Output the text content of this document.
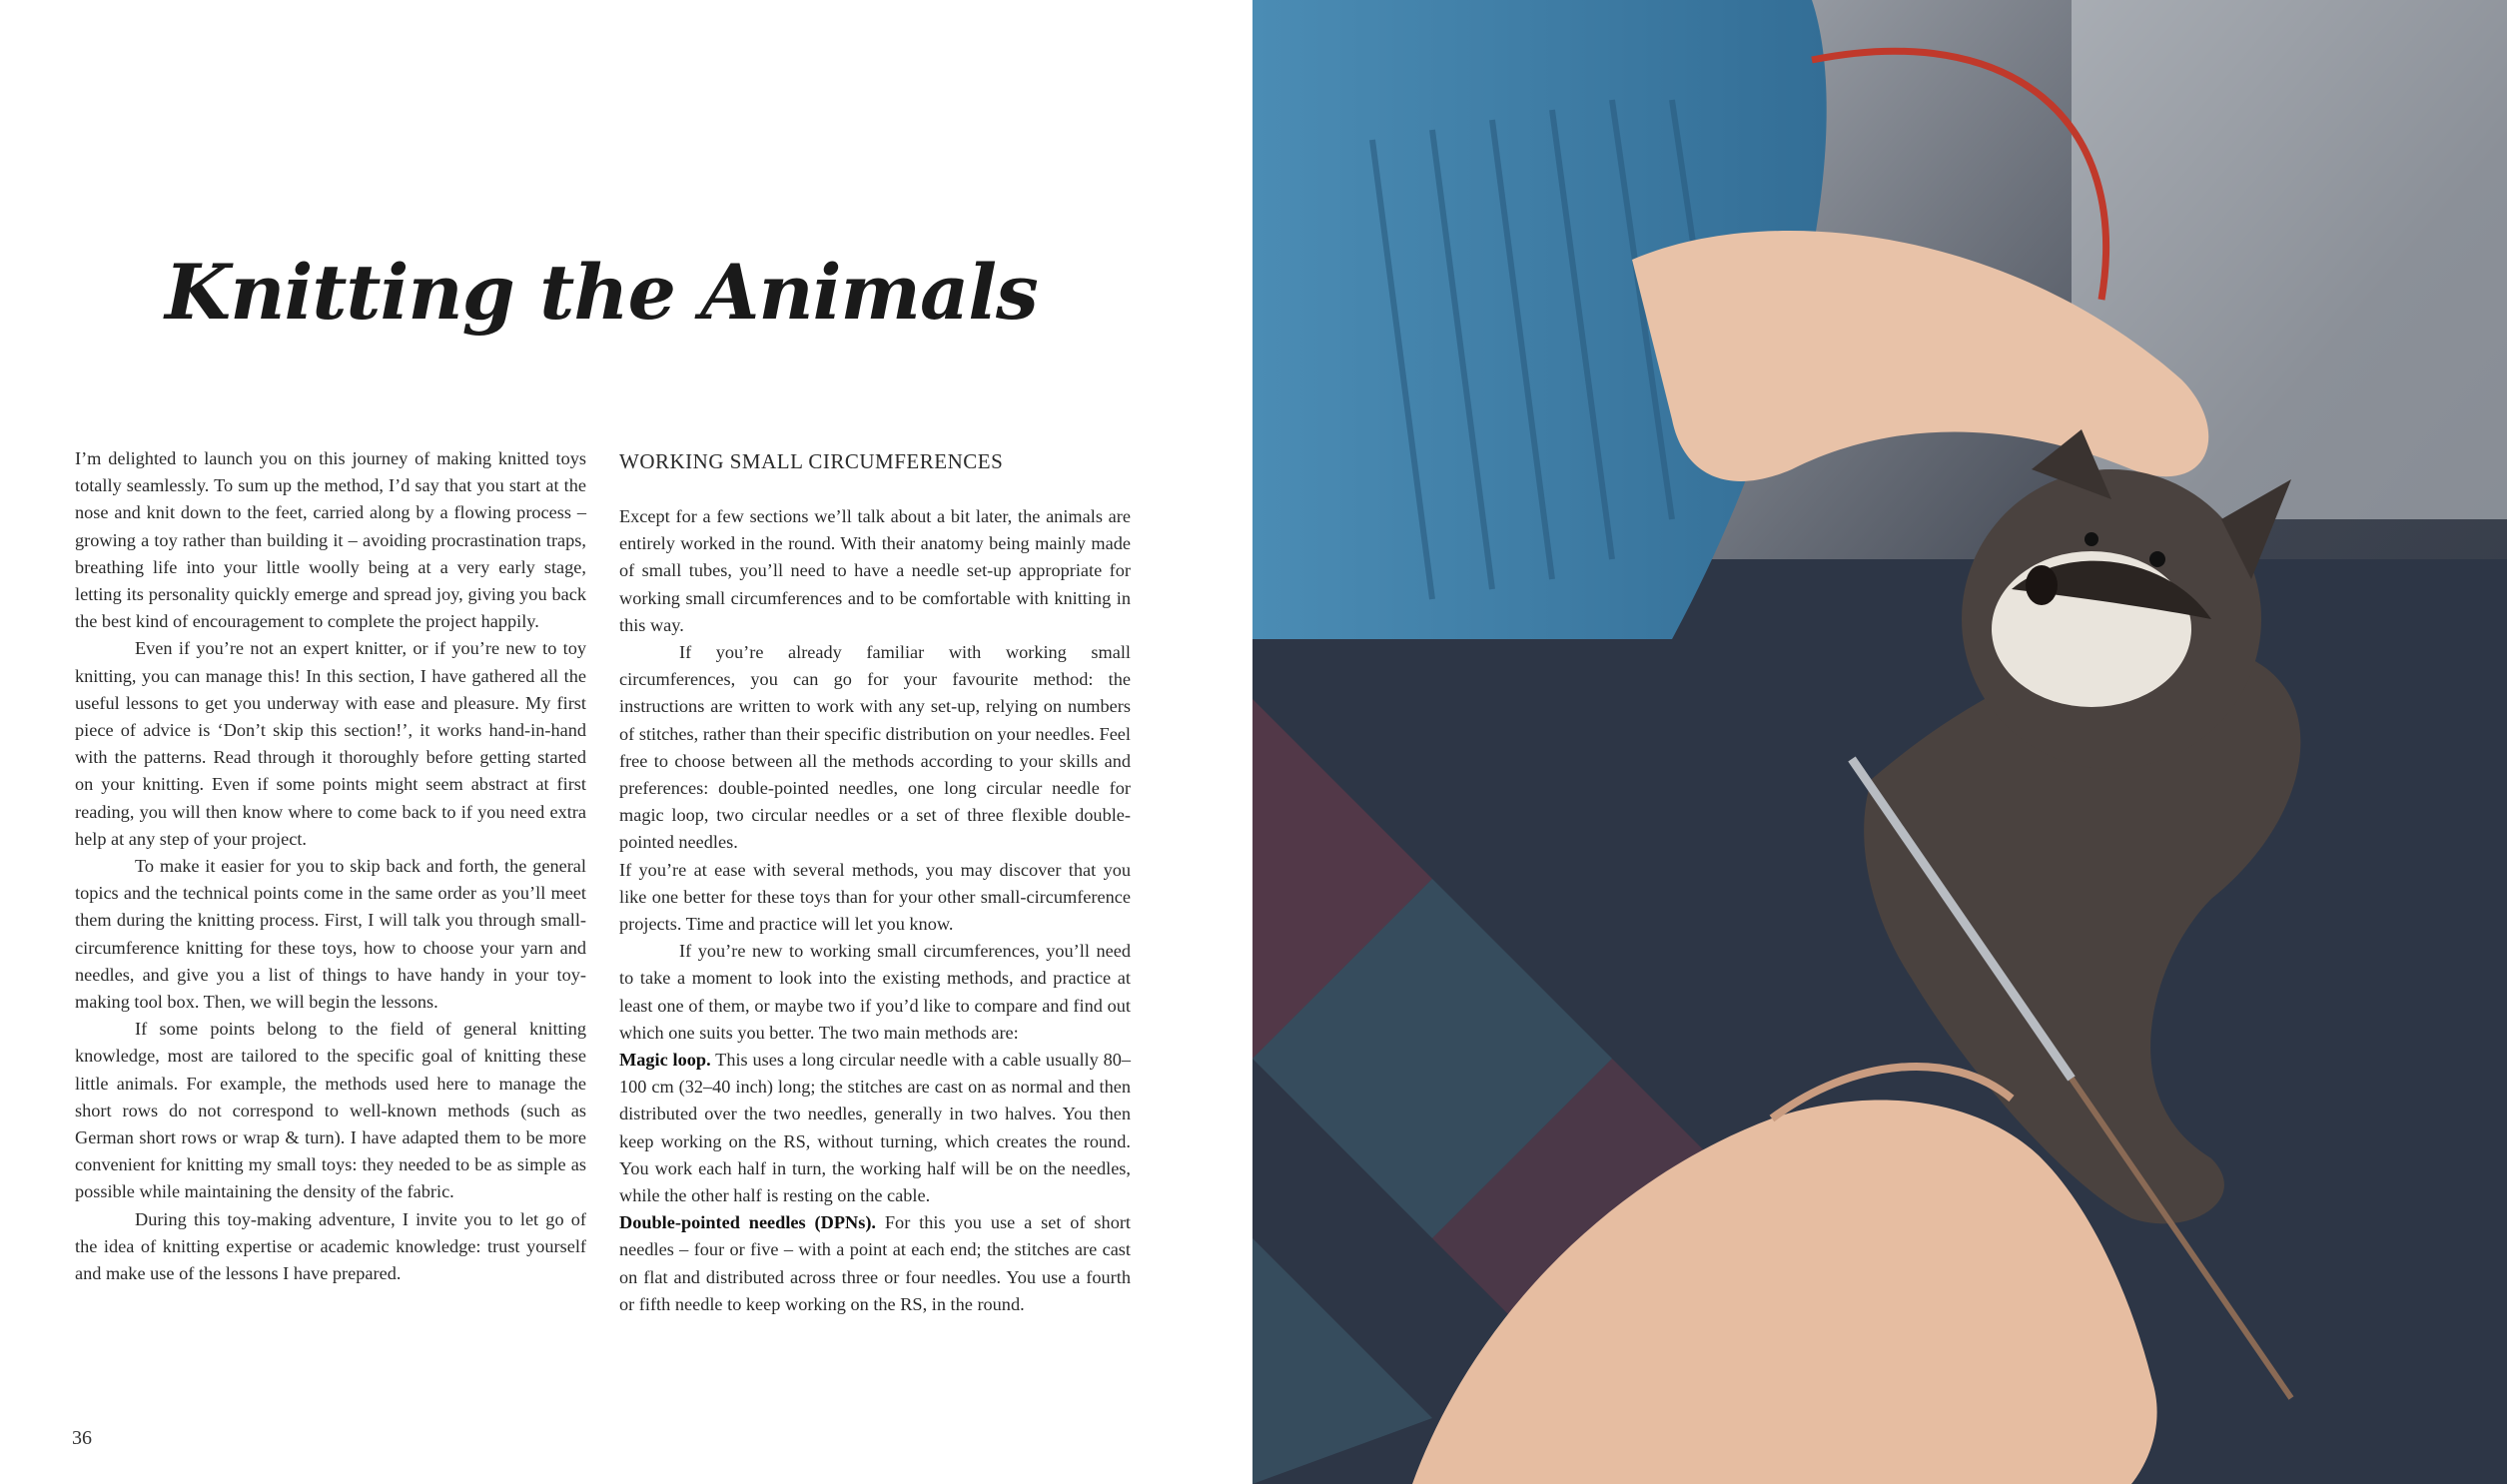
Knitting the Animals

I’m delighted to launch you on this journey of making knitted toys totally seamlessly. To sum up the method, I’d say that you start at the nose and knit down to the feet, carried along by a flowing process – growing a toy rather than building it – avoiding procrastination traps, breathing life into your little woolly being at a very early stage, letting its personality quickly emerge and spread joy, giving you back the best kind of encouragement to complete the project happily.

Even if you’re not an expert knitter, or if you’re new to toy knitting, you can manage this! In this section, I have gathered all the useful lessons to get you underway with ease and pleasure. My first piece of advice is ‘Don’t skip this section!’, it works hand-in-hand with the patterns. Read through it thoroughly before getting started on your knitting. Even if some points might seem abstract at first reading, you will then know where to come back to if you need extra help at any step of your project.

To make it easier for you to skip back and forth, the general topics and the technical points come in the same order as you’ll meet them during the knitting process. First, I will talk you through small-circumference knitting for these toys, how to choose your yarn and needles, and give you a list of things to have handy in your toy-making tool box. Then, we will begin the lessons.

If some points belong to the field of general knitting knowledge, most are tailored to the specific goal of knitting these little animals. For example, the methods used here to manage the short rows do not correspond to well-known methods (such as German short rows or wrap & turn). I have adapted them to be more convenient for knitting my small toys: they needed to be as simple as possible while maintaining the density of the fabric.

During this toy-making adventure, I invite you to let go of the idea of knitting expertise or academic knowledge: trust yourself and make use of the lessons I have prepared.

WORKING SMALL CIRCUMFERENCES

Except for a few sections we’ll talk about a bit later, the animals are entirely worked in the round. With their anatomy being mainly made of small tubes, you’ll need to have a needle set-up appropriate for working small circumferences and to be comfortable with knitting in this way.

If you’re already familiar with working small circumferences, you can go for your favourite method: the instructions are written to work with any set-up, relying on numbers of stitches, rather than their specific distribution on your needles. Feel free to choose between all the methods according to your skills and preferences: double-pointed needles, one long circular needle for magic loop, two circular needles or a set of three flexible double-pointed needles.

If you’re at ease with several methods, you may discover that you like one better for these toys than for your other small-circumference projects. Time and practice will let you know.

If you’re new to working small circumferences, you’ll need to take a moment to look into the existing methods, and practice at least one of them, or maybe two if you’d like to compare and find out which one suits you better. The two main methods are:

Magic loop. This uses a long circular needle with a cable usually 80–100 cm (32–40 inch) long; the stitches are cast on as normal and then distributed over the two needles, generally in two halves. You then keep working on the RS, without turning, which creates the round. You work each half in turn, the working half will be on the needles, while the other half is resting on the cable.

Double-pointed needles (DPNs). For this you use a set of short needles – four or five – with a point at each end; the stitches are cast on flat and distributed across three or four needles. You use a fourth or fifth needle to keep working on the RS, in the round.

36
